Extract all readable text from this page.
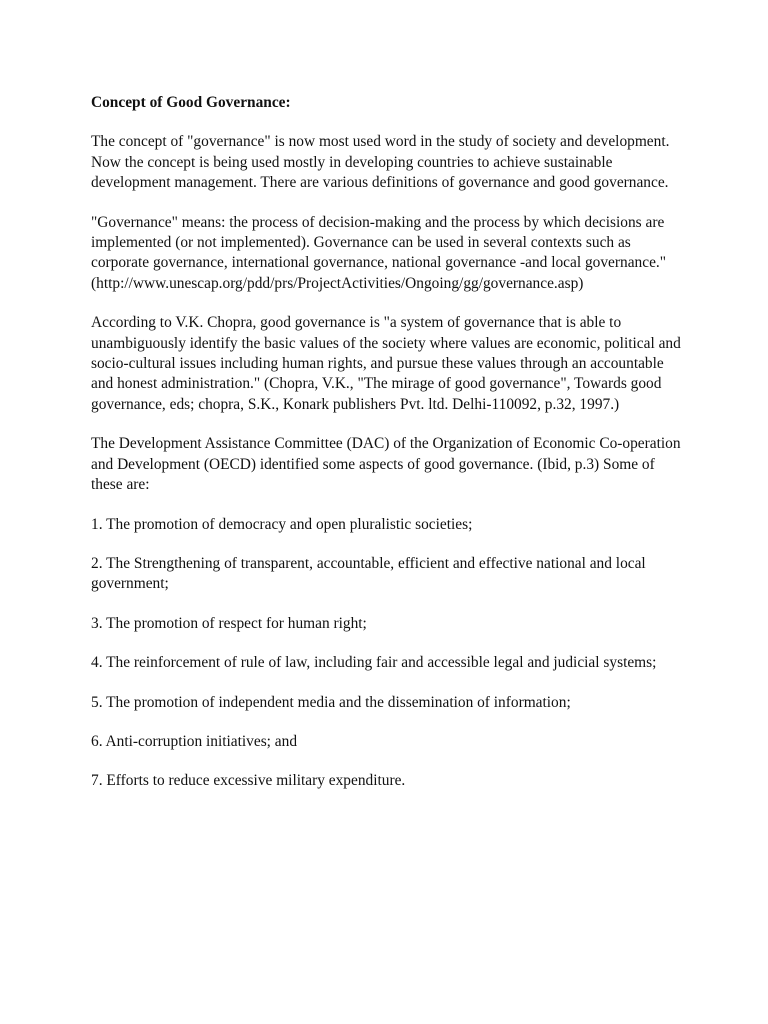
Concept of Good Governance:

The concept of "governance" is now most used word in the study of society and development. Now the concept is being used mostly in developing countries to achieve sustainable development management. There are various definitions of governance and good governance.

"Governance" means: the process of decision-making and the process by which decisions are implemented (or not implemented). Governance can be used in several contexts such as corporate governance, international governance, national governance -and local governance." (http://www.unescap.org/pdd/prs/ProjectActivities/Ongoing/gg/governance.asp)

According to V.K. Chopra, good governance is "a system of governance that is able to unambiguously identify the basic values of the society where values are economic, political and socio-cultural issues including human rights, and pursue these values through an accountable and honest administration." (Chopra, V.K., "The mirage of good governance", Towards good governance, eds; chopra, S.K., Konark publishers Pvt. ltd. Delhi-110092, p.32, 1997.)

The Development Assistance Committee (DAC) of the Organization of Economic Co-operation and Development (OECD) identified some aspects of good governance. (Ibid, p.3) Some of these are:

1. The promotion of democracy and open pluralistic societies;

2. The Strengthening of transparent, accountable, efficient and effective national and local government;

3. The promotion of respect for human right;

4. The reinforcement of rule of law, including fair and accessible legal and judicial systems;

5. The promotion of independent media and the dissemination of information;

6. Anti-corruption initiatives; and

7. Efforts to reduce excessive military expenditure.
